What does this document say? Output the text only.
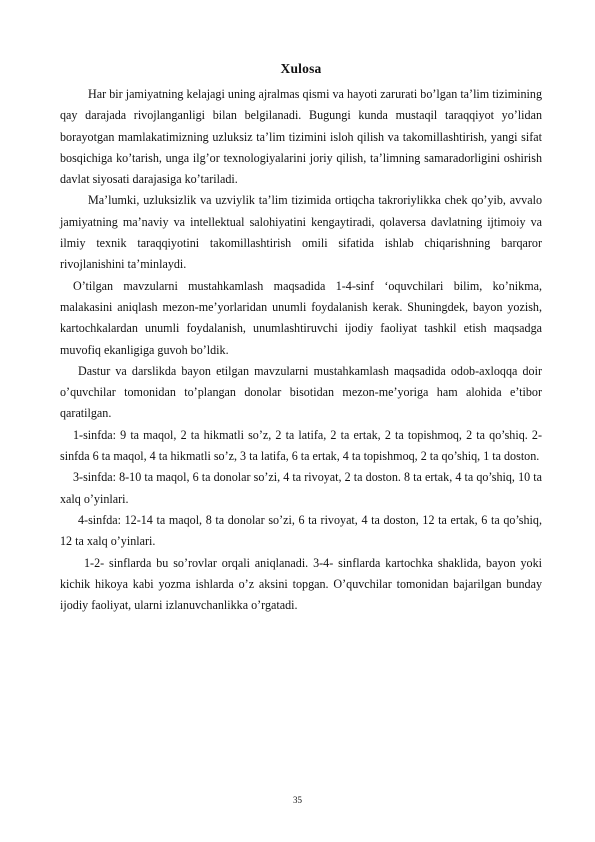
Xulosa

Har bir jamiyatning kelajagi uning ajralmas qismi va hayoti zarurati bo’lgan ta’lim tizimining qay darajada rivojlanganligi bilan belgilanadi. Bugungi kunda mustaqil taraqqiyot yo’lidan borayotgan mamlakatimizning uzluksiz ta’lim tizimini isloh qilish va takomillashtirish, yangi sifat bosqichiga ko’tarish, unga ilg’or texnologiyalarini joriy qilish, ta’limning samaradorligini oshirish davlat siyosati darajasiga ko’tariladi.

Ma’lumki, uzluksizlik va uzviylik ta’lim tizimida ortiqcha takroriylikka chek qo’yib, avvalo jamiyatning ma’naviy va intellektual salohiyatini kengaytiradi, qolaversa davlatning ijtimoiy va ilmiy texnik taraqqiyotini takomillashtirish omili sifatida ishlab chiqarishning barqaror rivojlanishini ta’minlaydi.

O’tilgan mavzularni mustahkamlash maqsadida 1-4-sinf ‘oquvchilari bilim, ko’nikma, malakasini aniqlash mezon-me’yorlaridan unumli foydalanish kerak. Shuningdek, bayon yozish, kartochkalardan unumli foydalanish, unumlashtiruvchi ijodiy faoliyat tashkil etish maqsadga muvofiq ekanligiga guvoh bo’ldik.

Dastur va darslikda bayon etilgan mavzularni mustahkamlash maqsadida odob-axloqqa doir o’quvchilar tomonidan to’plangan donolar bisotidan mezon-me’yoriga ham alohida e’tibor qaratilgan.

1-sinfda: 9 ta maqol, 2 ta hikmatli so’z, 2 ta latifa, 2 ta ertak, 2 ta topishmoq, 2 ta qo’shiq. 2-sinfda 6 ta maqol, 4 ta hikmatli so’z, 3 ta latifa, 6 ta ertak, 4 ta topishmoq, 2 ta qo’shiq, 1 ta doston.

3-sinfda: 8-10 ta maqol, 6 ta donolar so’zi, 4 ta rivoyat, 2 ta doston. 8 ta ertak, 4 ta qo’shiq, 10 ta xalq o’yinlari.

4-sinfda: 12-14 ta maqol, 8 ta donolar so’zi, 6 ta rivoyat, 4 ta doston, 12 ta ertak, 6 ta qo’shiq, 12 ta xalq o’yinlari.

1-2- sinflarda bu so’rovlar orqali aniqlanadi. 3-4- sinflarda kartochka shaklida, bayon yoki kichik hikoya kabi yozma ishlarda o’z aksini topgan. O’quvchilar tomonidan bajarilgan bunday ijodiy faoliyat, ularni izlanuvchanlikka o’rgatadi.

35
